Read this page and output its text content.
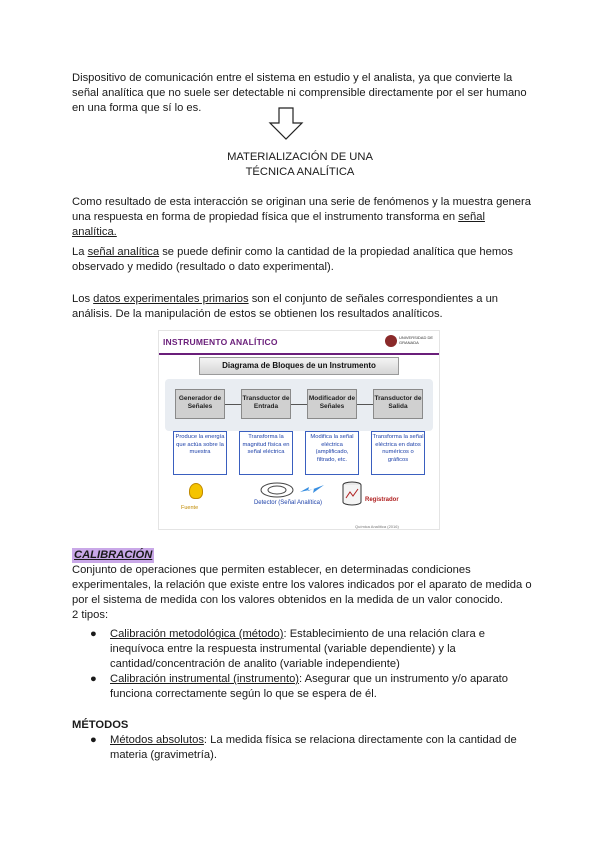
Dispositivo de comunicación entre el sistema en estudio y el analista, ya que convierte la señal analítica que no suele ser detectable ni comprensible directamente por el ser humano en una forma que sí lo es.

MATERIALIZACIÓN DE UNA
TÉCNICA ANALÍTICA

Como resultado de esta interacción se originan una serie de fenómenos y la muestra genera una respuesta en forma de propiedad física que el instrumento transforma en señal analítica.

La señal analítica se puede definir como la cantidad de la propiedad analítica que hemos observado y medido (resultado o dato experimental).

Los datos experimentales primarios son el conjunto de señales correspondientes a un análisis. De la manipulación de estos se obtienen los resultados analíticos.

INSTRUMENTO ANALÍTICO	UNIVERSIDAD DE GRANADA
Diagrama de Bloques de un Instrumento
Generador de Señales
Transductor de Entrada
Modificador de Señales
Transductor de Salida
Produce la energía que actúa sobre la muestra
Transforma la magnitud física en señal eléctrica
Modifica la señal eléctrica (amplificado, filtrado, etc.
Transforma la señal eléctrica en datos numéricos o gráficos
Fuente
Detector (Señal Analítica)	Registrador
Química Analítica (2016)
CALIBRACIÓN

Conjunto de operaciones que permiten establecer, en determinadas condiciones experimentales, la relación que existe entre los valores indicados por el aparato de medida o por el sistema de medida con los valores obtenidos en la medida de un valor conocido.
2 tipos:

● Calibración metodológica (método): Establecimiento de una relación clara e inequívoca entre la respuesta instrumental (variable dependiente) y la cantidad/concentración de analito (variable independiente)
● Calibración instrumental (instrumento): Asegurar que un instrumento y/o aparato funciona correctamente según lo que se espera de él.
MÉTODOS
● Métodos absolutos: La medida física se relaciona directamente con la cantidad de materia (gravimetría).
